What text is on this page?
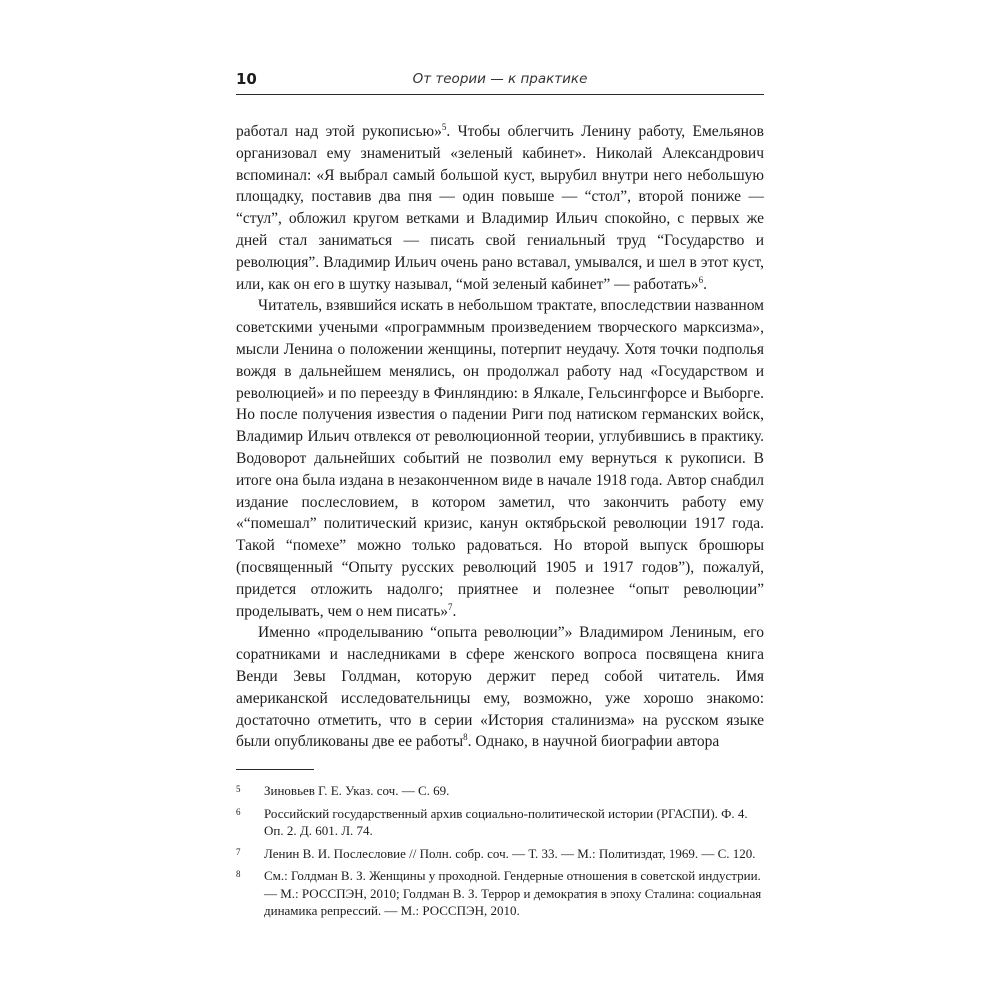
10	От теории — к практике

работал над этой рукописью»$^5$. Чтобы облегчить Ленину работу, Емельянов организовал ему знаменитый «зеленый кабинет». Николай Александрович вспоминал: «Я выбрал самый большой куст, вырубил внутри него небольшую площадку, поставив два пня — один повыше — “стол”, второй пониже — “стул”, обложил кругом ветками и Владимир Ильич спокойно, с первых же дней стал заниматься — писать свой гениальный труд “Государство и революция”. Владимир Ильич очень рано вставал, умывался, и шел в этот куст, или, как он его в шутку называл, “мой зеленый кабинет” — работать»$^6$.

Читатель, взявшийся искать в небольшом трактате, впоследствии названном советскими учеными «программным произведением творческого марксизма», мысли Ленина о положении женщины, потерпит неудачу. Хотя точки подполья вождя в дальнейшем менялись, он продолжал работу над «Государством и революцией» и по переезду в Финляндию: в Ялкале, Гельсингфорсе и Выборге. Но после получения известия о падении Риги под натиском германских войск, Владимир Ильич отвлекся от революционной теории, углубившись в практику. Водоворот дальнейших событий не позволил ему вернуться к рукописи. В итоге она была издана в незаконченном виде в начале 1918 года. Автор снабдил издание послесловием, в котором заметил, что закончить работу ему «“помешал” политический кризис, канун октябрьской революции 1917 года. Такой “помехе” можно только радоваться. Но второй выпуск брошюры (посвященный “Опыту русских революций 1905 и 1917 годов”), пожалуй, придется отложить надолго; приятнее и полезнее “опыт революции” проделывать, чем о нем писать»$^7$.

Именно «проделыванию “опыта революции”» Владимиром Лениным, его соратниками и наследниками в сфере женского вопроса посвящена книга Венди Зевы Голдман, которую держит перед собой читатель. Имя американской исследовательницы ему, возможно, уже хорошо знакомо: достаточно отметить, что в серии «История сталинизма» на русском языке были опубликованы две ее работы$^8$. Однако, в научной биографии автора

5 Зиновьев Г. Е. Указ. соч. — С. 69.
6 Российский государственный архив социально-политической истории (РГАСПИ). Ф. 4. Оп. 2. Д. 601. Л. 74.
7 Ленин В. И. Послесловие // Полн. собр. соч. — Т. 33. — М.: Политиздат, 1969. — С. 120.
8 См.: Голдман В. З. Женщины у проходной. Гендерные отношения в советской индустрии. — М.: РОССПЭН, 2010; Голдман В. З. Террор и демократия в эпоху Сталина: социальная динамика репрессий. — М.: РОССПЭН, 2010.
